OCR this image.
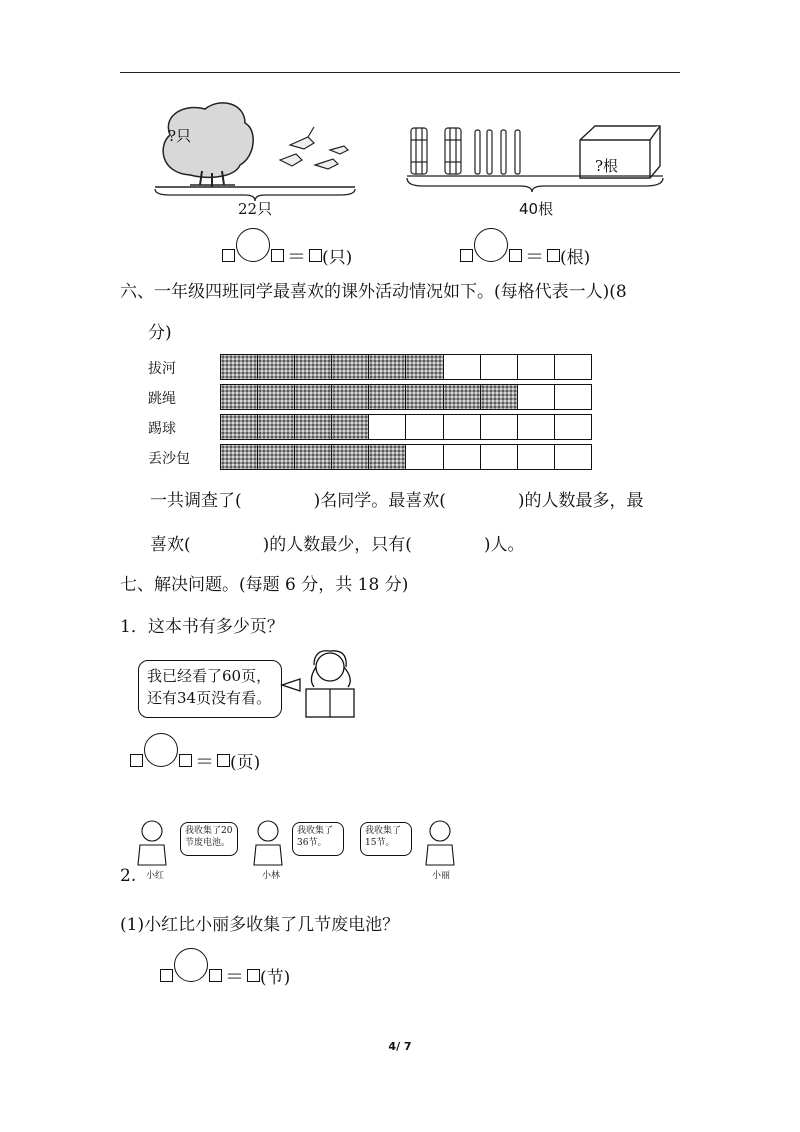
?只
22只
?根
40根
＝ (只)	＝ (根)
六、一年级四班同学最喜欢的课外活动情况如下。(每格代表一人)(8
分)
拔河
跳绳
踢球
丢沙包
一共调查了(	)名同学。最喜欢(	)的人数最多，最
喜欢(	)的人数最少，只有(	)人。
七、解决问题。(每题 6 分，共 18 分)
1．这本书有多少页？
我已经看了60页，
还有34页没有看。
＝ (页)
我收集了20节废电池。
我收集了36节。
我收集了15节。
小红	小林	小丽
2.
(1)小红比小丽多收集了几节废电池？
＝ (节)
4/ 7
